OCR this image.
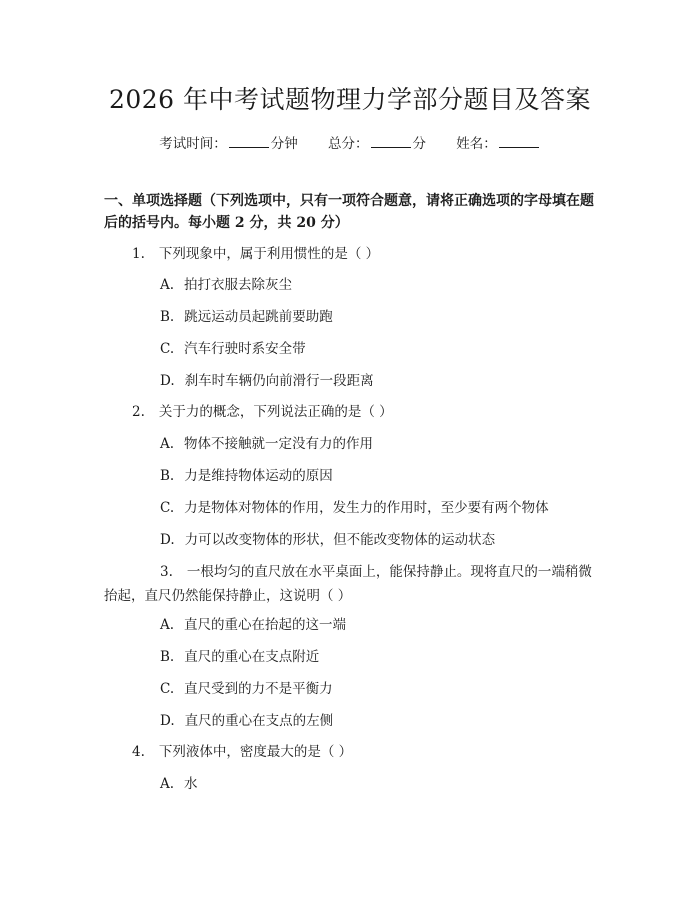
2026 年中考试题物理力学部分题目及答案
考试时间：	分钟 总分：	分 姓名：

一、单项选择题（下列选项中，只有一项符合题意，请将正确选项的字母填在题后的括号内。每小题 2 分，共 20 分）

1. 下列现象中，属于利用惯性的是（ ）
A. 拍打衣服去除灰尘
B. 跳远运动员起跳前要助跑
C. 汽车行驶时系安全带
D. 刹车时车辆仍向前滑行一段距离
2. 关于力的概念，下列说法正确的是（ ）
A. 物体不接触就一定没有力的作用
B. 力是维持物体运动的原因
C. 力是物体对物体的作用，发生力的作用时，至少要有两个物体
D. 力可以改变物体的形状，但不能改变物体的运动状态
3. 一根均匀的直尺放在水平桌面上，能保持静止。现将直尺的一端稍微抬起，直尺仍然能保持静止，这说明（ ）
A. 直尺的重心在抬起的这一端
B. 直尺的重心在支点附近
C. 直尺受到的力不是平衡力
D. 直尺的重心在支点的左侧
4. 下列液体中，密度最大的是（ ）
A. 水
